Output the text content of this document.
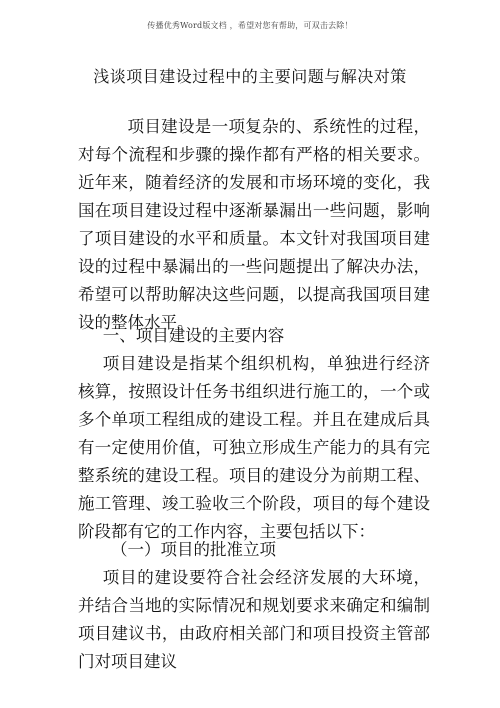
传播优秀Word版文档 ，希望对您有帮助，可双击去除！
浅谈项目建设过程中的主要问题与解决对策

项目建设是一项复杂的、系统性的过程，对每个流程和步骤的操作都有严格的相关要求。近年来，随着经济的发展和市场环境的变化，我国在项目建设过程中逐渐暴漏出一些问题，影响了项目建设的水平和质量。本文针对我国项目建设的过程中暴漏出的一些问题提出了解决办法，希望可以帮助解决这些问题，以提高我国项目建设的整体水平。

一、项目建设的主要内容

项目建设是指某个组织机构，单独进行经济核算，按照设计任务书组织进行施工的，一个或多个单项工程组成的建设工程。并且在建成后具有一定使用价值，可独立形成生产能力的具有完整系统的建设工程。项目的建设分为前期工程、施工管理、竣工验收三个阶段，项目的每个建设阶段都有它的工作内容，主要包括以下：

（一）项目的批准立项

项目的建设要符合社会经济发展的大环境，并结合当地的实际情况和规划要求来确定和编制项目建议书，由政府相关部门和项目投资主管部门对项目建议
